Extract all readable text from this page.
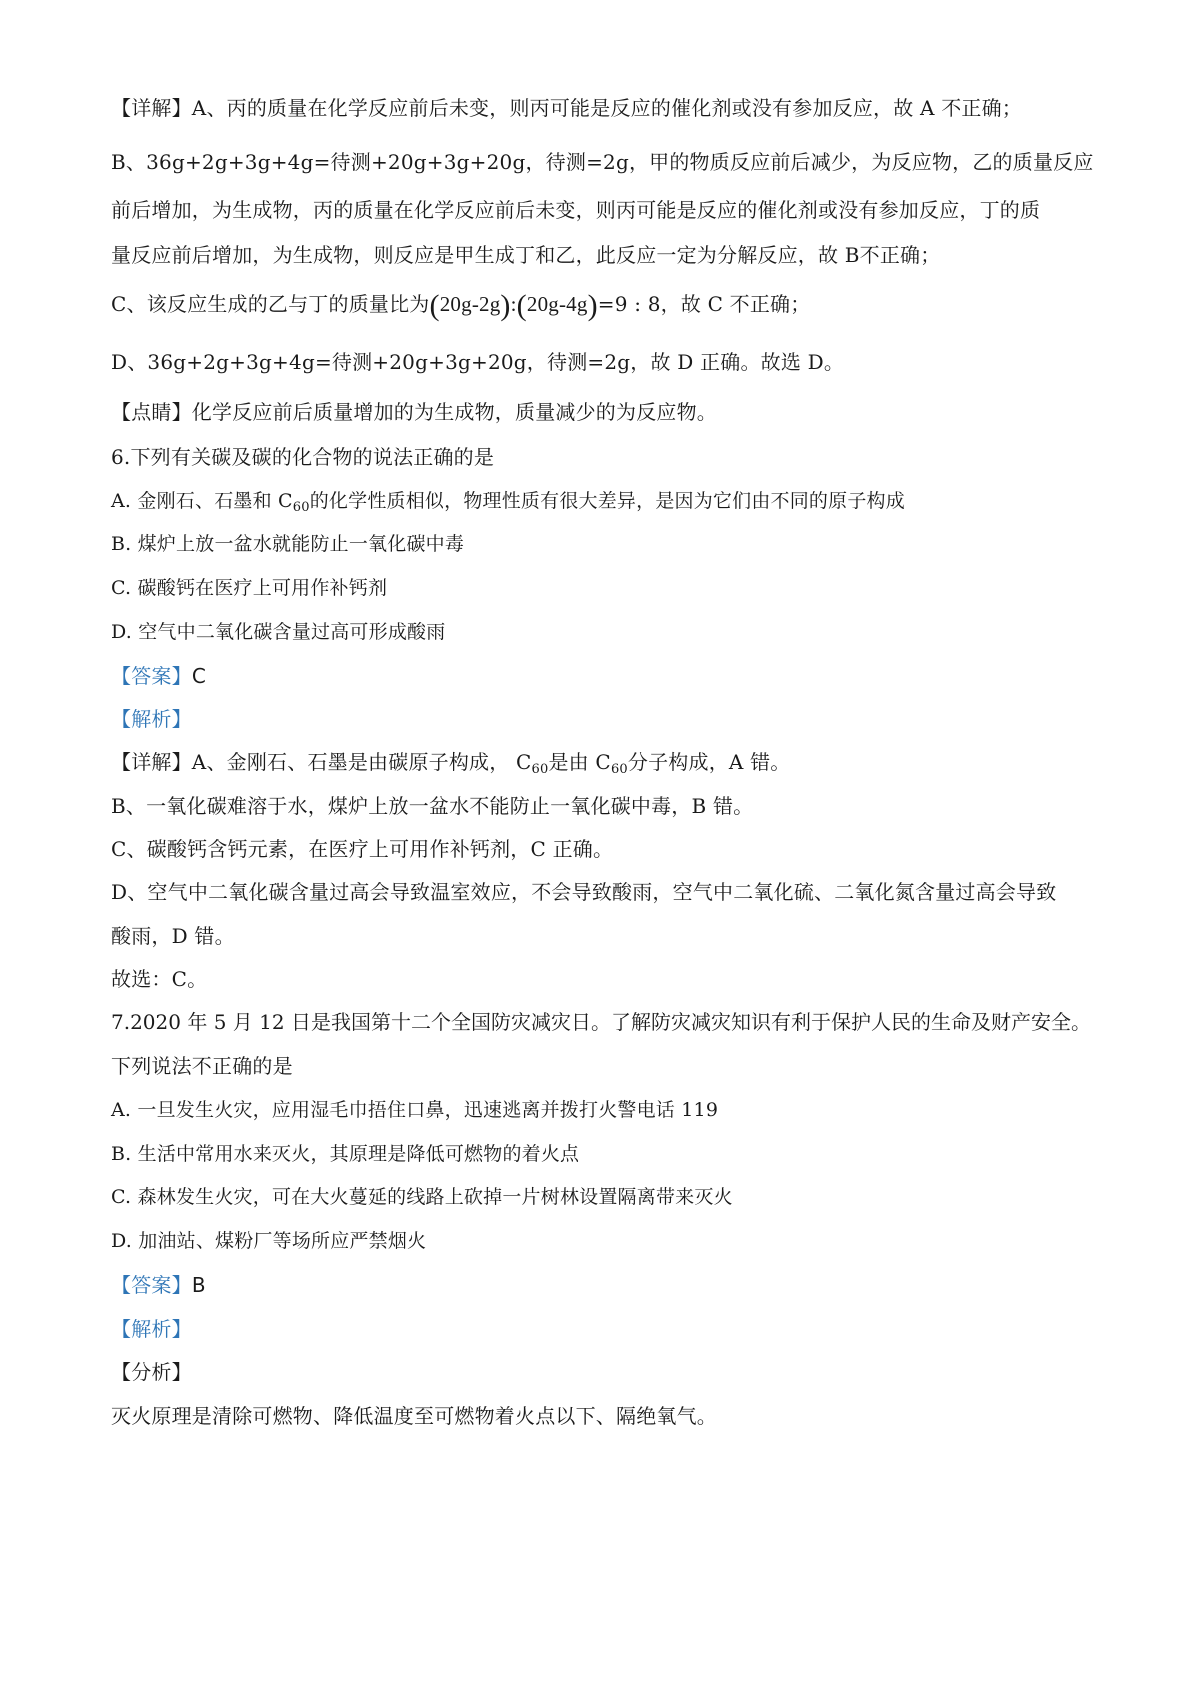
【详解】A、丙的质量在化学反应前后未变，则丙可能是反应的催化剂或没有参加反应，故 A 不正确；
B、36g+2g+3g+4g=待测+20g+3g+20g，待测=2g，甲的物质反应前后减少，为反应物，乙的质量反应
前后增加，为生成物，丙的质量在化学反应前后未变，则丙可能是反应的催化剂或没有参加反应，丁的质
量反应前后增加，为生成物，则反应是甲生成丁和乙，此反应一定为分解反应，故 B不正确；
C、该反应生成的乙与丁的质量比为(20g-2g):(20g-4g)=9 : 8，故 C 不正确；
D、36g+2g+3g+4g=待测+20g+3g+20g，待测=2g，故 D 正确。故选 D。
【点睛】化学反应前后质量增加的为生成物，质量减少的为反应物。
6.下列有关碳及碳的化合物的说法正确的是
A. 金刚石、石墨和 $C_{60}$的化学性质相似，物理性质有很大差异，是因为它们由不同的原子构成
B. 煤炉上放一盆水就能防止一氧化碳中毒
C. 碳酸钙在医疗上可用作补钙剂
D. 空气中二氧化碳含量过高可形成酸雨
【答案】C
【解析】
【详解】A、金刚石、石墨是由碳原子构成， $C_{60}$是由 $C_{60}$分子构成，A 错。
B、一氧化碳难溶于水，煤炉上放一盆水不能防止一氧化碳中毒，B 错。
C、碳酸钙含钙元素，在医疗上可用作补钙剂，C 正确。
D、空气中二氧化碳含量过高会导致温室效应，不会导致酸雨，空气中二氧化硫、二氧化氮含量过高会导致
酸雨，D 错。
故选：C。
7.2020 年 5 月 12 日是我国第十二个全国防灾减灾日。了解防灾减灾知识有利于保护人民的生命及财产安全。
下列说法不正确的是
A. 一旦发生火灾，应用湿毛巾捂住口鼻，迅速逃离并拨打火警电话 119
B. 生活中常用水来灭火，其原理是降低可燃物的着火点
C. 森林发生火灾，可在大火蔓延的线路上砍掉一片树林设置隔离带来灭火
D. 加油站、煤粉厂等场所应严禁烟火
【答案】B
【解析】
【分析】
灭火原理是清除可燃物、降低温度至可燃物着火点以下、隔绝氧气。
